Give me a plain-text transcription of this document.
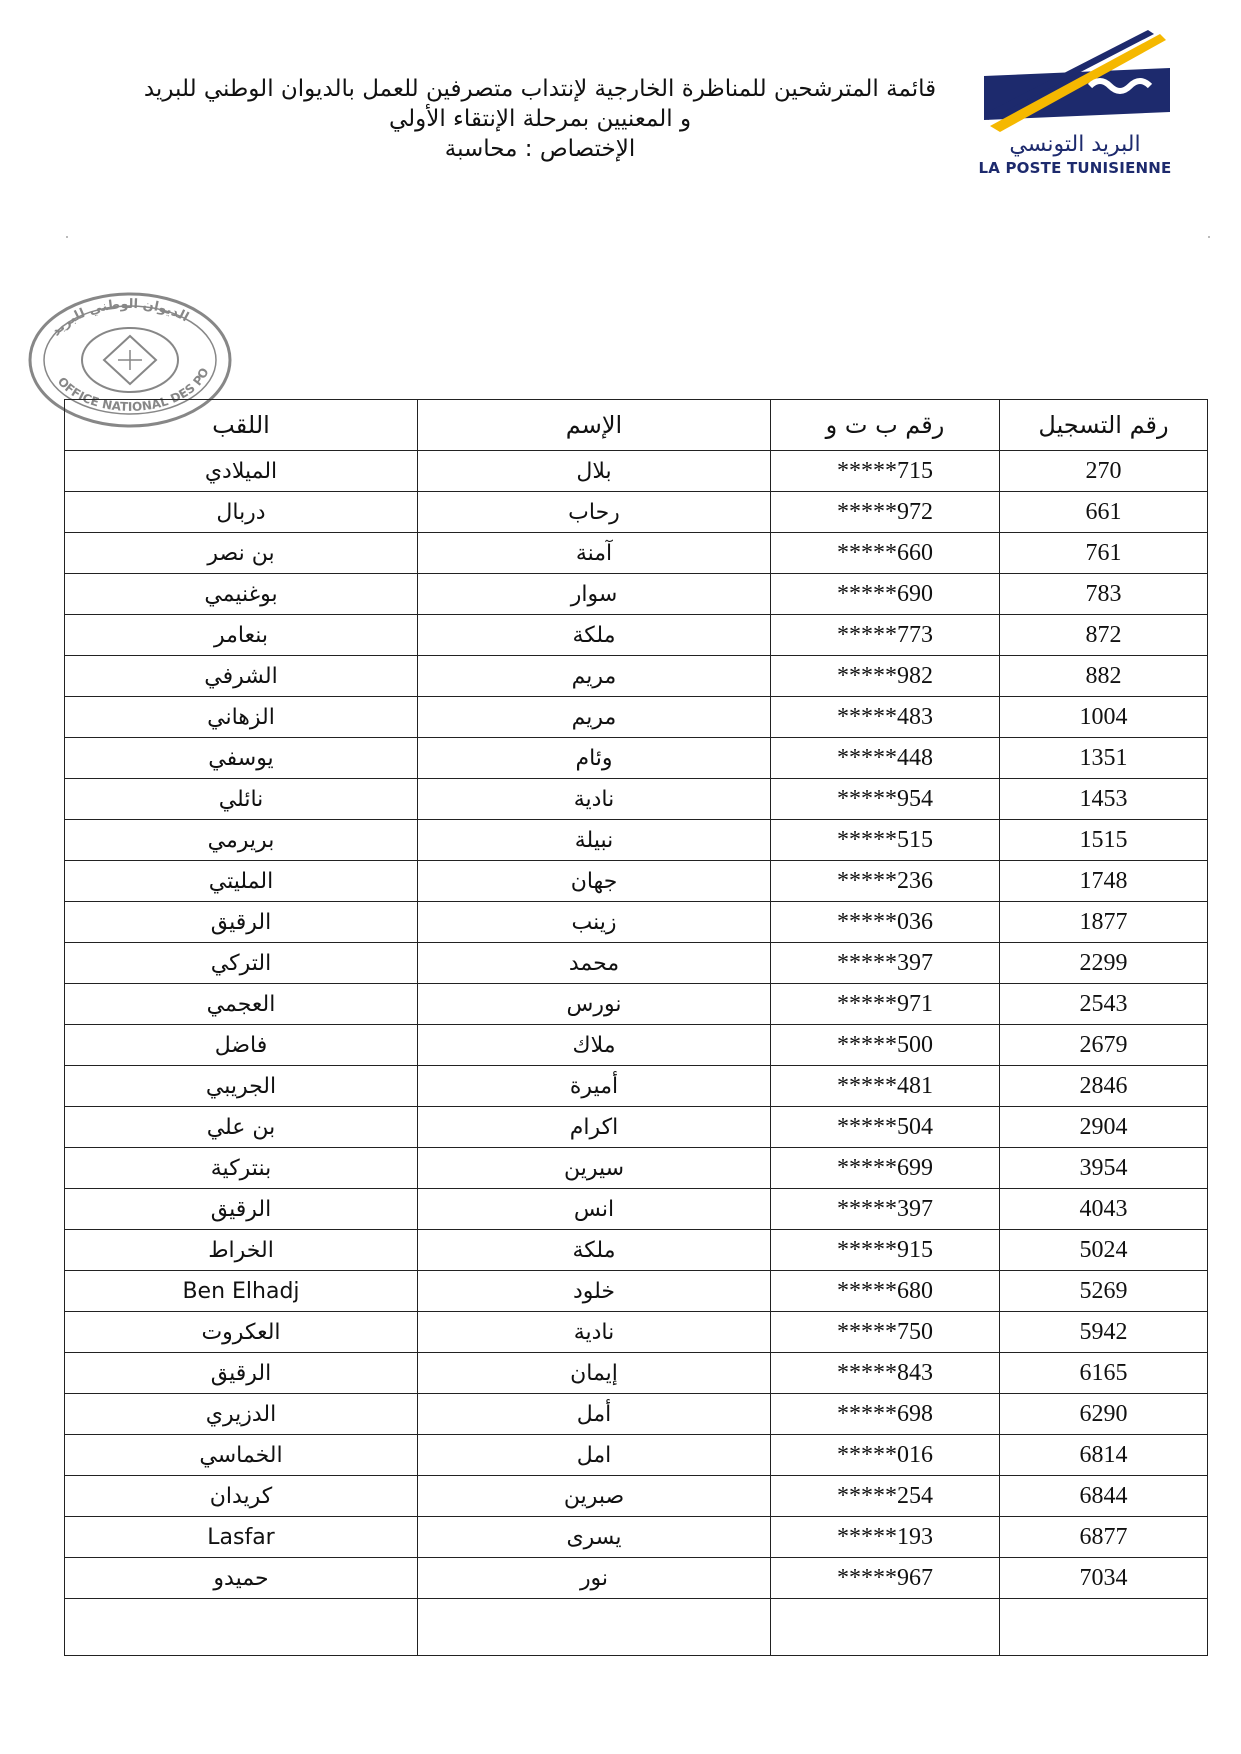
البريد التونسي
LA POSTE TUNISIENNE
قائمة المترشحين للمناظرة الخارجية لإنتداب متصرفين للعمل بالديوان الوطني للبريد
و المعنيين بمرحلة الإنتقاء الأولي
الإختصاص : محاسبة
الديوان الوطني للبريد
OFFICE NATIONAL DES PO
رقم التسجيل	رقم ب ت و	الإسم	اللقب
270	*****715	بلال	الميلادي
661	*****972	رحاب	دربال
761	*****660	آمنة	بن نصر
783	*****690	سوار	بوغنيمي
872	*****773	ملكة	بنعامر
882	*****982	مريم	الشرفي
1004	*****483	مريم	الزهاني
1351	*****448	وئام	يوسفي
1453	*****954	نادية	نائلي
1515	*****515	نبيلة	بريرمي
1748	*****236	جهان	المليتي
1877	*****036	زينب	الرقيق
2299	*****397	محمد	التركي
2543	*****971	نورس	العجمي
2679	*****500	ملاك	فاضل
2846	*****481	أميرة	الجريبي
2904	*****504	اكرام	بن علي
3954	*****699	سيرين	بنتركية
4043	*****397	انس	الرقيق
5024	*****915	ملكة	الخراط
5269	*****680	خلود	Ben Elhadj
5942	*****750	نادية	العكروت
6165	*****843	إيمان	الرقيق
6290	*****698	أمل	الدزيري
6814	*****016	امل	الخماسي
6844	*****254	صبرين	كريدان
6877	*****193	يسرى	Lasfar
7034	*****967	نور	حميدو
